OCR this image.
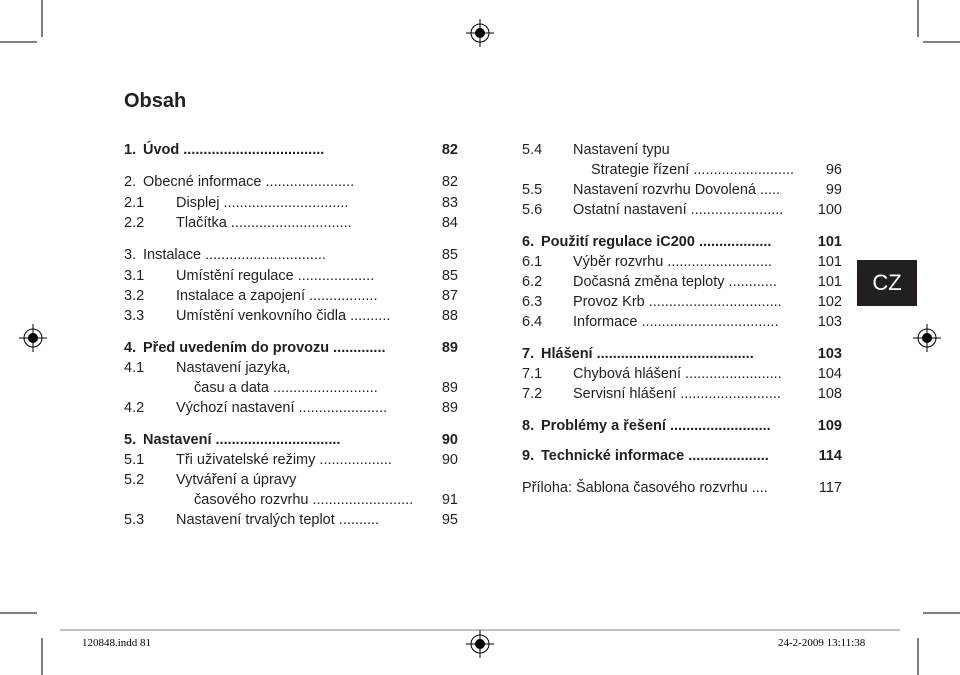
Obsah
1. Úvod ...................................	82
2. Obecné informace ......................	82
2.1 Displej ...............................	83
2.2 Tlačítka ..............................	84
3. Instalace ..............................	85
3.1 Umístění regulace ...................	85
3.2 Instalace a zapojení .................	87
3.3 Umístění venkovního čidla ..........	88
4. Před uvedením do provozu .............	89
4.1 Nastavení jazyka,
času a data ..........................	89
4.2 Výchozí nastavení ......................	89
5. Nastavení ...............................	90
5.1 Tři uživatelské režimy ..................	90
5.2 Vytváření a úpravy
časového rozvrhu .........................	91
5.3 Nastavení trvalých teplot ..........	95
5.4 Nastavení typu
Strategie řízení .........................	96
5.5 Nastavení rozvrhu Dovolená .....	99
5.6 Ostatní nastavení .......................	100
6. Použití regulace iC200 ..................	101
6.1 Výběr rozvrhu ..........................	101
6.2 Dočasná změna teploty ............	101
6.3 Provoz Krb .................................	102
6.4 Informace ..................................	103
7. Hlášení .......................................	103
7.1 Chybová hlášení ........................	104
7.2 Servisní hlášení .........................	108
8. Problémy a řešení .........................	109
9. Technické informace ....................	114
Příloha: Šablona časového rozvrhu ....	117
CZ
120848.indd 81	24-2-2009 13:11:38
